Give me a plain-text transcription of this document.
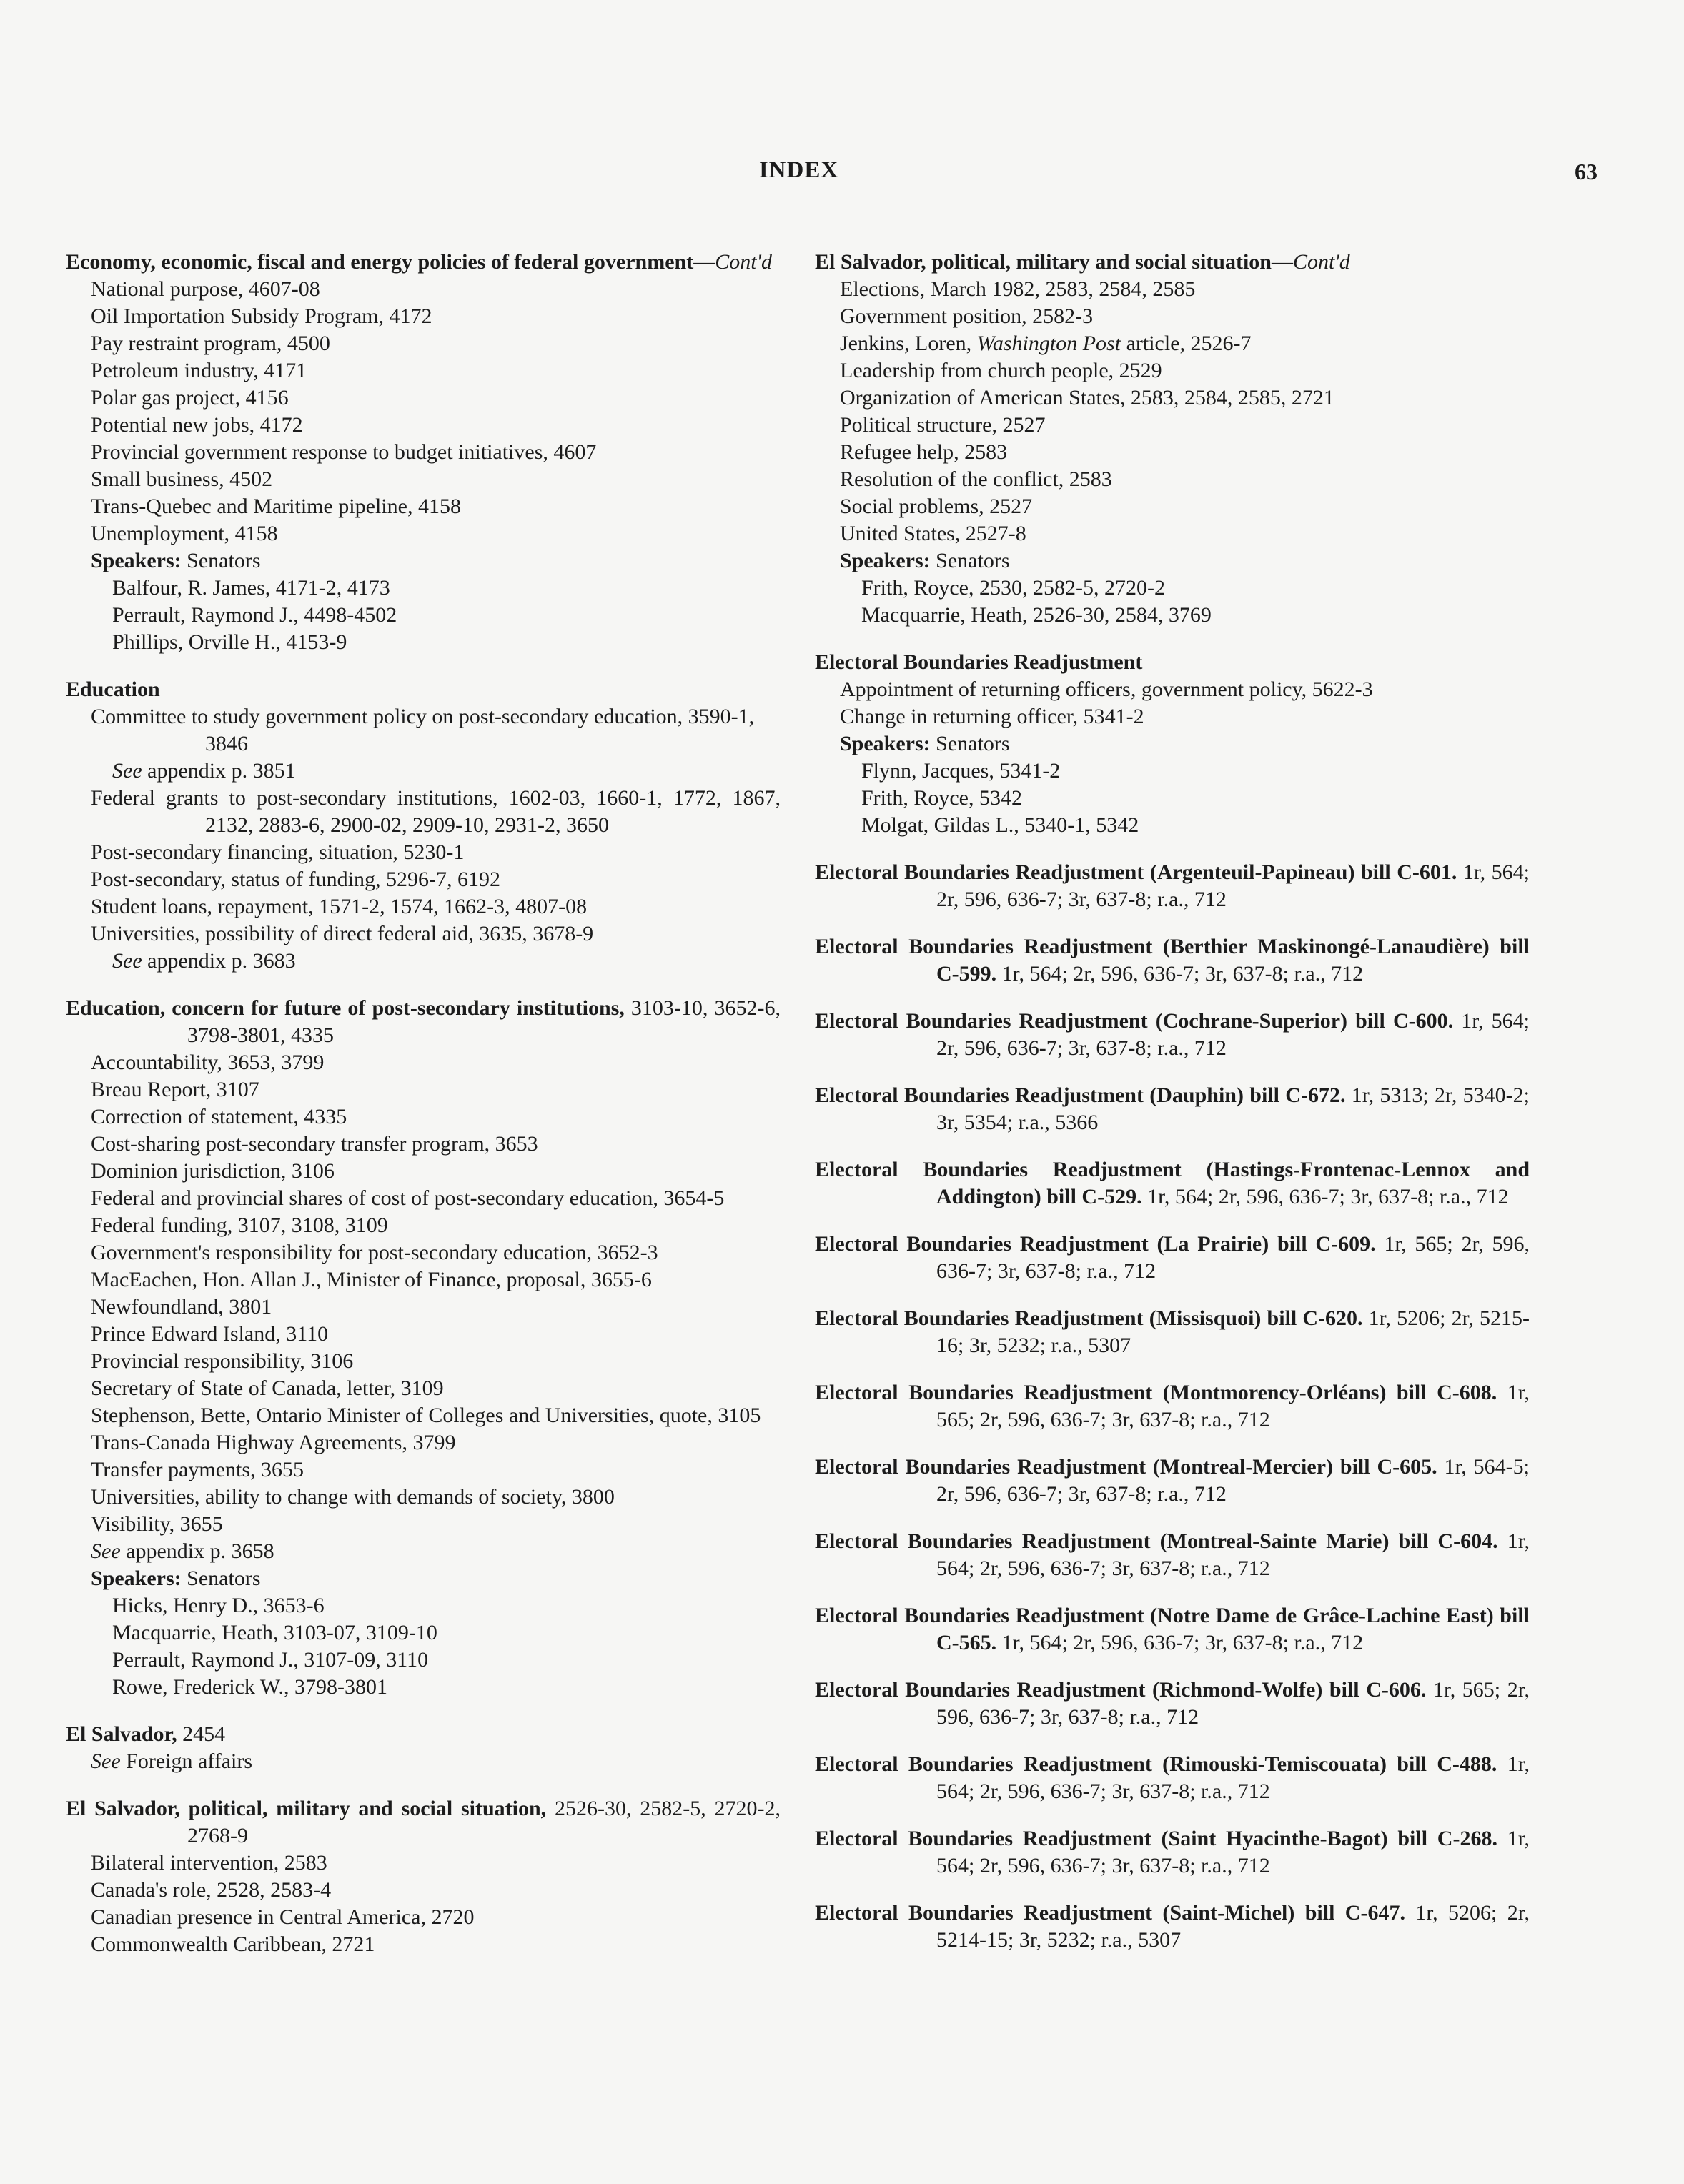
INDEX	63
Economy, economic, fiscal and energy policies of federal government—Cont'd
National purpose, 4607-08
Oil Importation Subsidy Program, 4172
Pay restraint program, 4500
Petroleum industry, 4171
Polar gas project, 4156
Potential new jobs, 4172
Provincial government response to budget initiatives, 4607
Small business, 4502
Trans-Quebec and Maritime pipeline, 4158
Unemployment, 4158
Speakers: Senators
Balfour, R. James, 4171-2, 4173
Perrault, Raymond J., 4498-4502
Phillips, Orville H., 4153-9
Education
Committee to study government policy on post-secondary education, 3590-1, 3846
See appendix p. 3851
Federal grants to post-secondary institutions, 1602-03, 1660-1, 1772, 1867, 2132, 2883-6, 2900-02, 2909-10, 2931-2, 3650
Post-secondary financing, situation, 5230-1
Post-secondary, status of funding, 5296-7, 6192
Student loans, repayment, 1571-2, 1574, 1662-3, 4807-08
Universities, possibility of direct federal aid, 3635, 3678-9
See appendix p. 3683
Education, concern for future of post-secondary institutions, 3103-10, 3652-6, 3798-3801, 4335
Accountability, 3653, 3799
Breau Report, 3107
Correction of statement, 4335
Cost-sharing post-secondary transfer program, 3653
Dominion jurisdiction, 3106
Federal and provincial shares of cost of post-secondary education, 3654-5
Federal funding, 3107, 3108, 3109
Government's responsibility for post-secondary education, 3652-3
MacEachen, Hon. Allan J., Minister of Finance, proposal, 3655-6
Newfoundland, 3801
Prince Edward Island, 3110
Provincial responsibility, 3106
Secretary of State of Canada, letter, 3109
Stephenson, Bette, Ontario Minister of Colleges and Universities, quote, 3105
Trans-Canada Highway Agreements, 3799
Transfer payments, 3655
Universities, ability to change with demands of society, 3800
Visibility, 3655
See appendix p. 3658
Speakers: Senators
Hicks, Henry D., 3653-6
Macquarrie, Heath, 3103-07, 3109-10
Perrault, Raymond J., 3107-09, 3110
Rowe, Frederick W., 3798-3801
El Salvador, 2454
See Foreign affairs
El Salvador, political, military and social situation, 2526-30, 2582-5, 2720-2, 2768-9
Bilateral intervention, 2583
Canada's role, 2528, 2583-4
Canadian presence in Central America, 2720
Commonwealth Caribbean, 2721
El Salvador, political, military and social situation—Cont'd
Elections, March 1982, 2583, 2584, 2585
Government position, 2582-3
Jenkins, Loren, Washington Post article, 2526-7
Leadership from church people, 2529
Organization of American States, 2583, 2584, 2585, 2721
Political structure, 2527
Refugee help, 2583
Resolution of the conflict, 2583
Social problems, 2527
United States, 2527-8
Speakers: Senators
Frith, Royce, 2530, 2582-5, 2720-2
Macquarrie, Heath, 2526-30, 2584, 3769
Electoral Boundaries Readjustment
Appointment of returning officers, government policy, 5622-3
Change in returning officer, 5341-2
Speakers: Senators
Flynn, Jacques, 5341-2
Frith, Royce, 5342
Molgat, Gildas L., 5340-1, 5342
Electoral Boundaries Readjustment (Argenteuil-Papineau) bill C-601. 1r, 564; 2r, 596, 636-7; 3r, 637-8; r.a., 712
Electoral Boundaries Readjustment (Berthier Maskinongé-Lanaudière) bill C-599. 1r, 564; 2r, 596, 636-7; 3r, 637-8; r.a., 712
Electoral Boundaries Readjustment (Cochrane-Superior) bill C-600. 1r, 564; 2r, 596, 636-7; 3r, 637-8; r.a., 712
Electoral Boundaries Readjustment (Dauphin) bill C-672. 1r, 5313; 2r, 5340-2; 3r, 5354; r.a., 5366
Electoral Boundaries Readjustment (Hastings-Frontenac-Lennox and Addington) bill C-529. 1r, 564; 2r, 596, 636-7; 3r, 637-8; r.a., 712
Electoral Boundaries Readjustment (La Prairie) bill C-609. 1r, 565; 2r, 596, 636-7; 3r, 637-8; r.a., 712
Electoral Boundaries Readjustment (Missisquoi) bill C-620. 1r, 5206; 2r, 5215-16; 3r, 5232; r.a., 5307
Electoral Boundaries Readjustment (Montmorency-Orléans) bill C-608. 1r, 565; 2r, 596, 636-7; 3r, 637-8; r.a., 712
Electoral Boundaries Readjustment (Montreal-Mercier) bill C-605. 1r, 564-5; 2r, 596, 636-7; 3r, 637-8; r.a., 712
Electoral Boundaries Readjustment (Montreal-Sainte Marie) bill C-604. 1r, 564; 2r, 596, 636-7; 3r, 637-8; r.a., 712
Electoral Boundaries Readjustment (Notre Dame de Grâce-Lachine East) bill C-565. 1r, 564; 2r, 596, 636-7; 3r, 637-8; r.a., 712
Electoral Boundaries Readjustment (Richmond-Wolfe) bill C-606. 1r, 565; 2r, 596, 636-7; 3r, 637-8; r.a., 712
Electoral Boundaries Readjustment (Rimouski-Temiscouata) bill C-488. 1r, 564; 2r, 596, 636-7; 3r, 637-8; r.a., 712
Electoral Boundaries Readjustment (Saint Hyacinthe-Bagot) bill C-268. 1r, 564; 2r, 596, 636-7; 3r, 637-8; r.a., 712
Electoral Boundaries Readjustment (Saint-Michel) bill C-647. 1r, 5206; 2r, 5214-15; 3r, 5232; r.a., 5307
